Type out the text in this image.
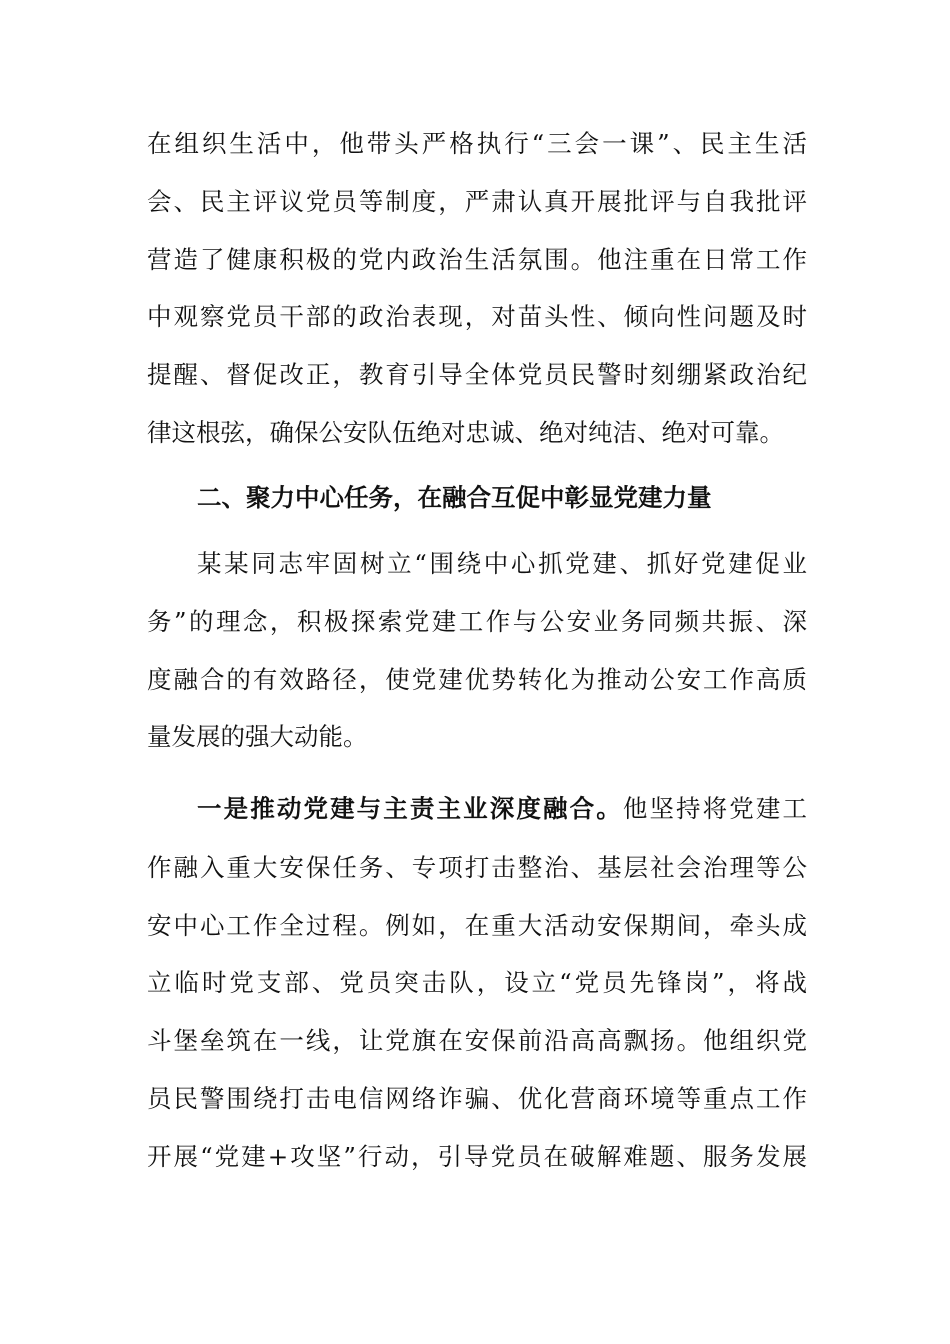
在组织生活中，他带头严格执行“三会一课”、民主生活
会、民主评议党员等制度，严肃认真开展批评与自我批评
营造了健康积极的党内政治生活氛围。他注重在日常工作
中观察党员干部的政治表现，对苗头性、倾向性问题及时
提醒、督促改正，教育引导全体党员民警时刻绷紧政治纪
律这根弦，确保公安队伍绝对忠诚、绝对纯洁、绝对可靠。
二、聚力中心任务，在融合互促中彰显党建力量
某某同志牢固树立“围绕中心抓党建、抓好党建促业
务”的理念，积极探索党建工作与公安业务同频共振、深
度融合的有效路径，使党建优势转化为推动公安工作高质
量发展的强大动能。
一是推动党建与主责主业深度融合。他坚持将党建工
作融入重大安保任务、专项打击整治、基层社会治理等公
安中心工作全过程。例如，在重大活动安保期间，牵头成
立临时党支部、党员突击队，设立“党员先锋岗”，将战
斗堡垒筑在一线，让党旗在安保前沿高高飘扬。他组织党
员民警围绕打击电信网络诈骗、优化营商环境等重点工作
开展“党建+攻坚”行动，引导党员在破解难题、服务发展
